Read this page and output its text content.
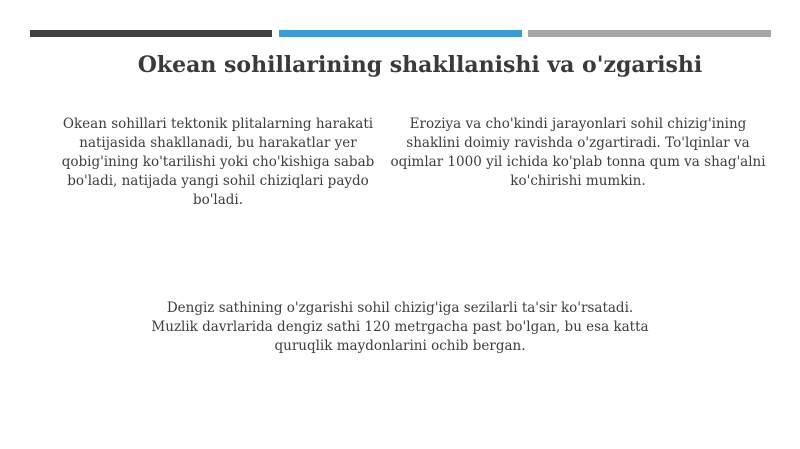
Okean sohillarining shakllanishi va o'zgarishi

Okean sohillari tektonik plitalarning harakati natijasida shakllanadi, bu harakatlar yer qobig'ining ko'tarilishi yoki cho'kishiga sabab bo'ladi, natijada yangi sohil chiziqlari paydo bo'ladi.

Eroziya va cho'kindi jarayonlari sohil chizig'ining shaklini doimiy ravishda o'zgartiradi. To'lqinlar va oqimlar 1000 yil ichida ko'plab tonna qum va shag'alni ko'chirishi mumkin.

Dengiz sathining o'zgarishi sohil chizig'iga sezilarli ta'sir ko'rsatadi. Muzlik davrlarida dengiz sathi 120 metrgacha past bo'lgan, bu esa katta quruqlik maydonlarini ochib bergan.
